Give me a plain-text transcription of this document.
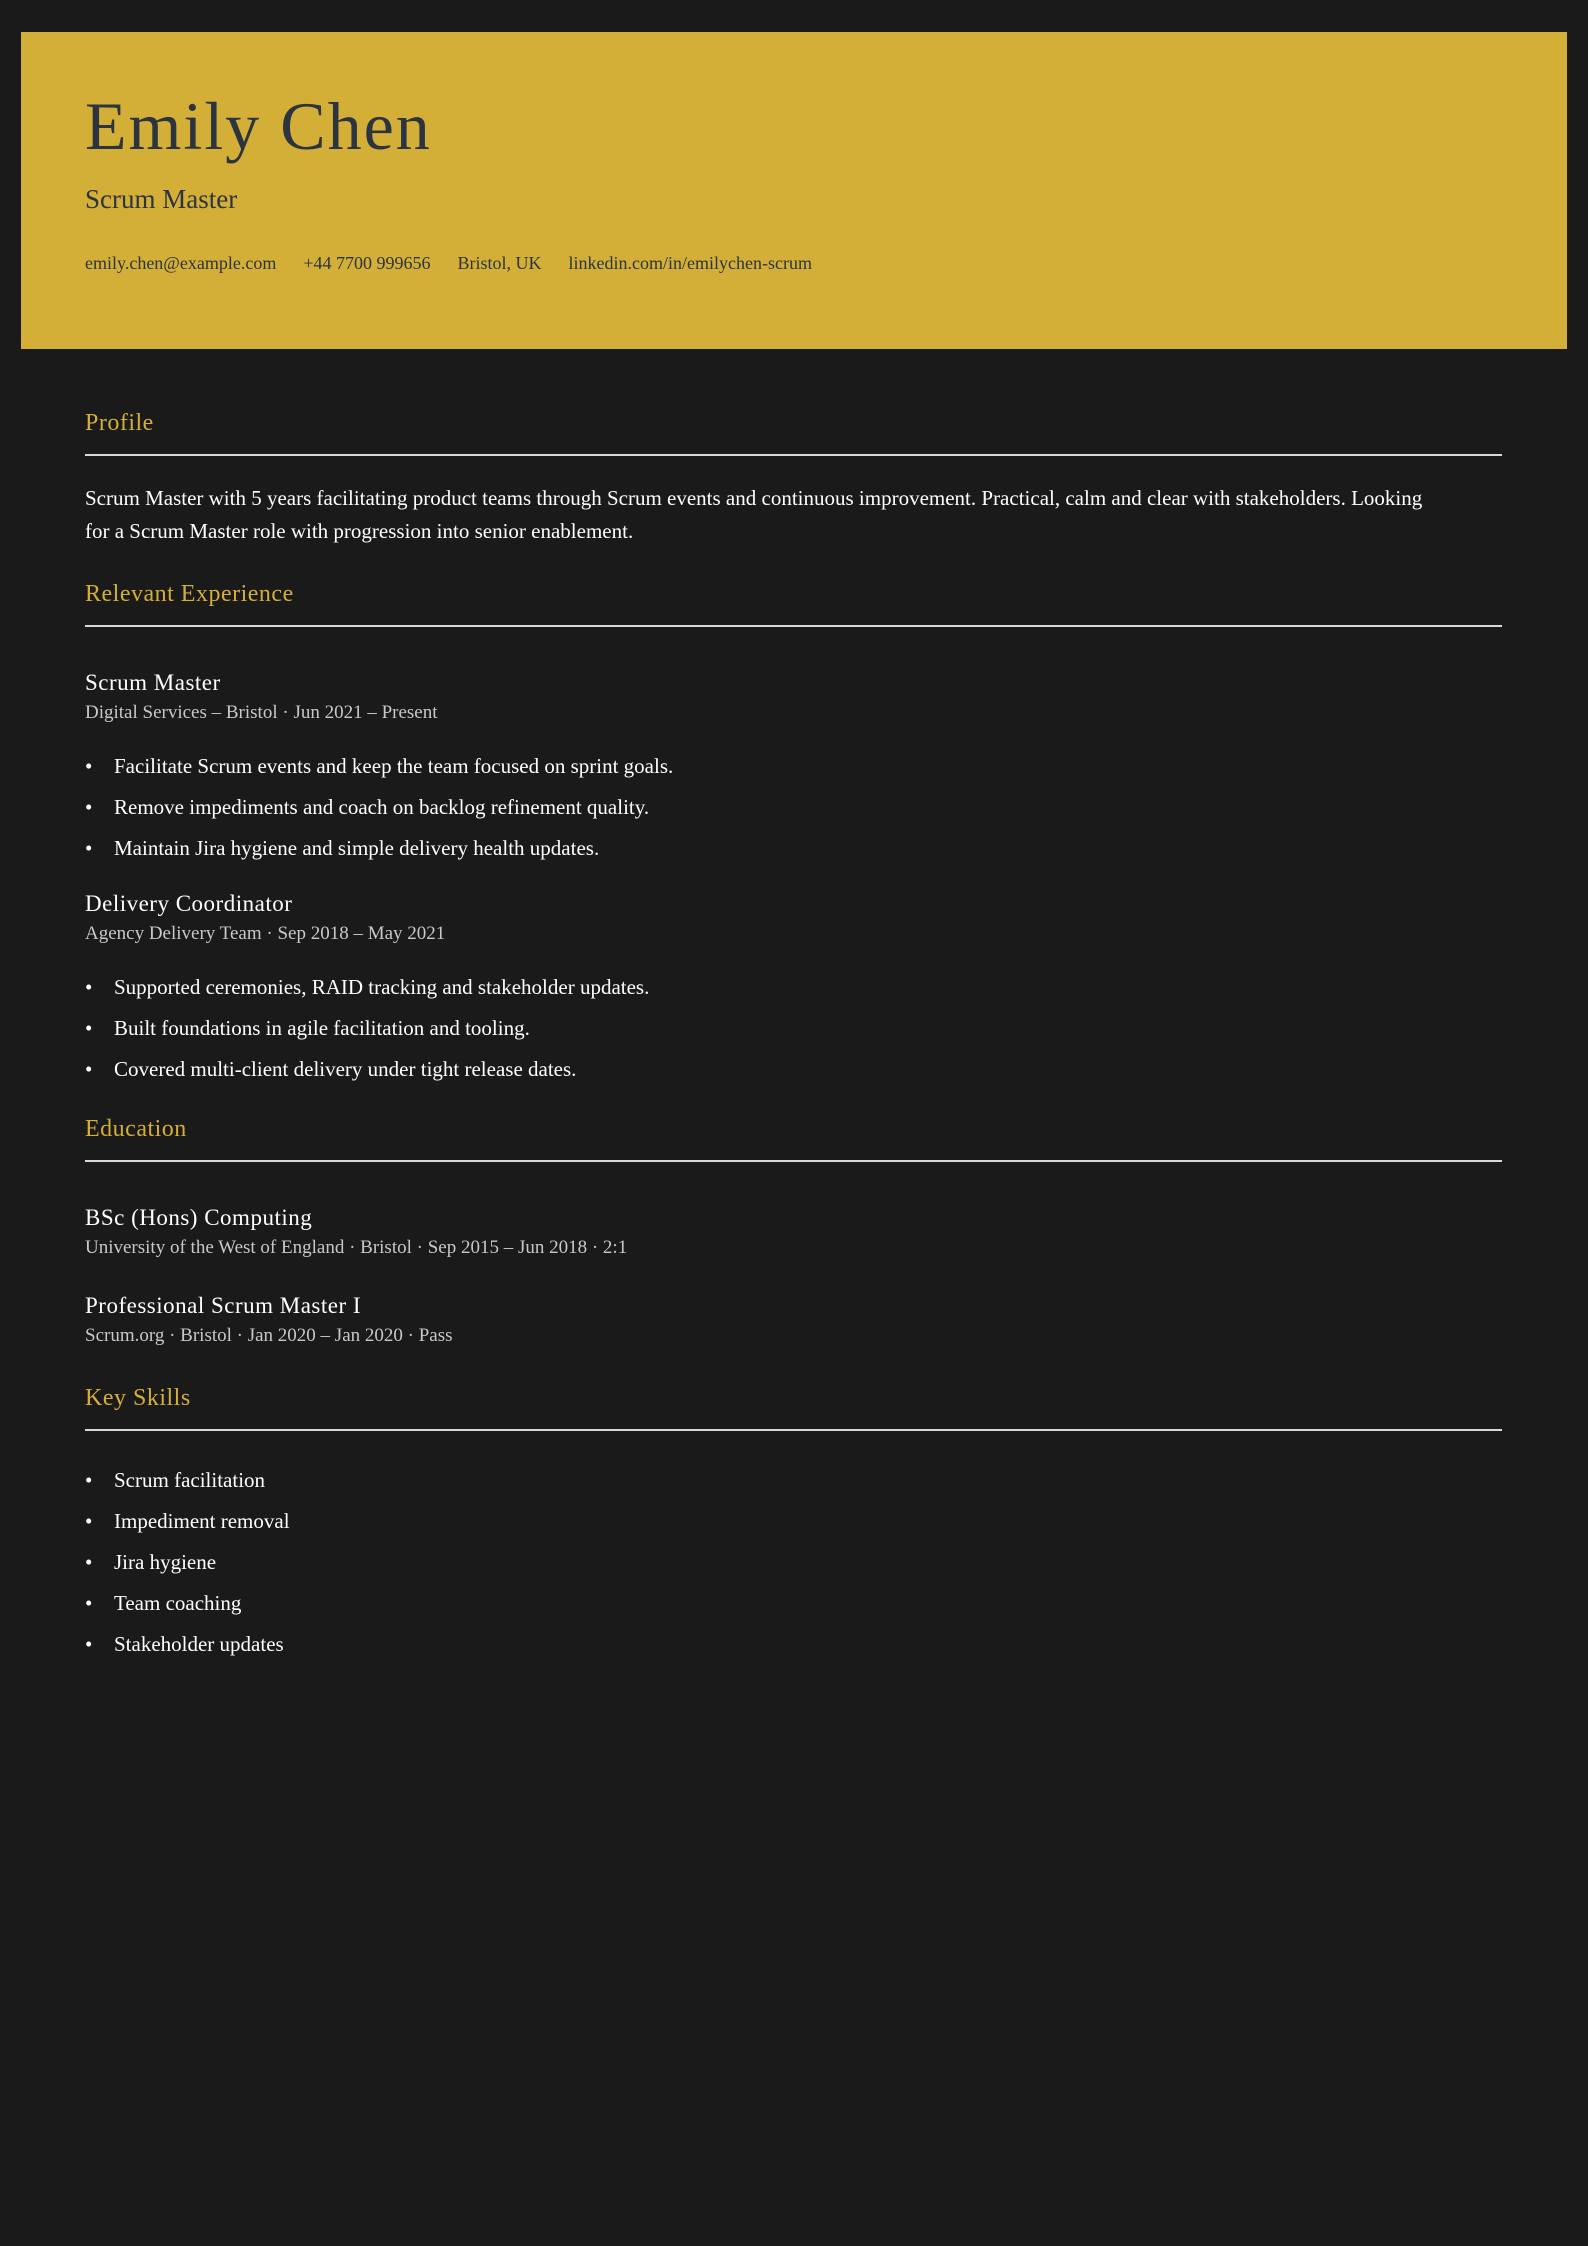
Emily Chen
Scrum Master
emily.chen@example.com +44 7700 999656 Bristol, UK linkedin.com/in/emilychen-scrum
Profile

Scrum Master with 5 years facilitating product teams through Scrum events and continuous improvement. Practical, calm and clear with stakeholders. Looking

for a Scrum Master role with progression into senior enablement.

Relevant Experience

Scrum Master

Digital Services – Bristol · Jun 2021 – Present

• Facilitate Scrum events and keep the team focused on sprint goals.
• Remove impediments and coach on backlog refinement quality.
• Maintain Jira hygiene and simple delivery health updates.

Delivery Coordinator

Agency Delivery Team · Sep 2018 – May 2021

• Supported ceremonies, RAID tracking and stakeholder updates.
• Built foundations in agile facilitation and tooling.
• Covered multi-client delivery under tight release dates.
Education

BSc (Hons) Computing

University of the West of England · Bristol · Sep 2015 – Jun 2018 · 2:1

Professional Scrum Master I

Scrum.org · Bristol · Jan 2020 – Jan 2020 · Pass

Key Skills
• Scrum facilitation
• Impediment removal
• Jira hygiene
• Team coaching
• Stakeholder updates
